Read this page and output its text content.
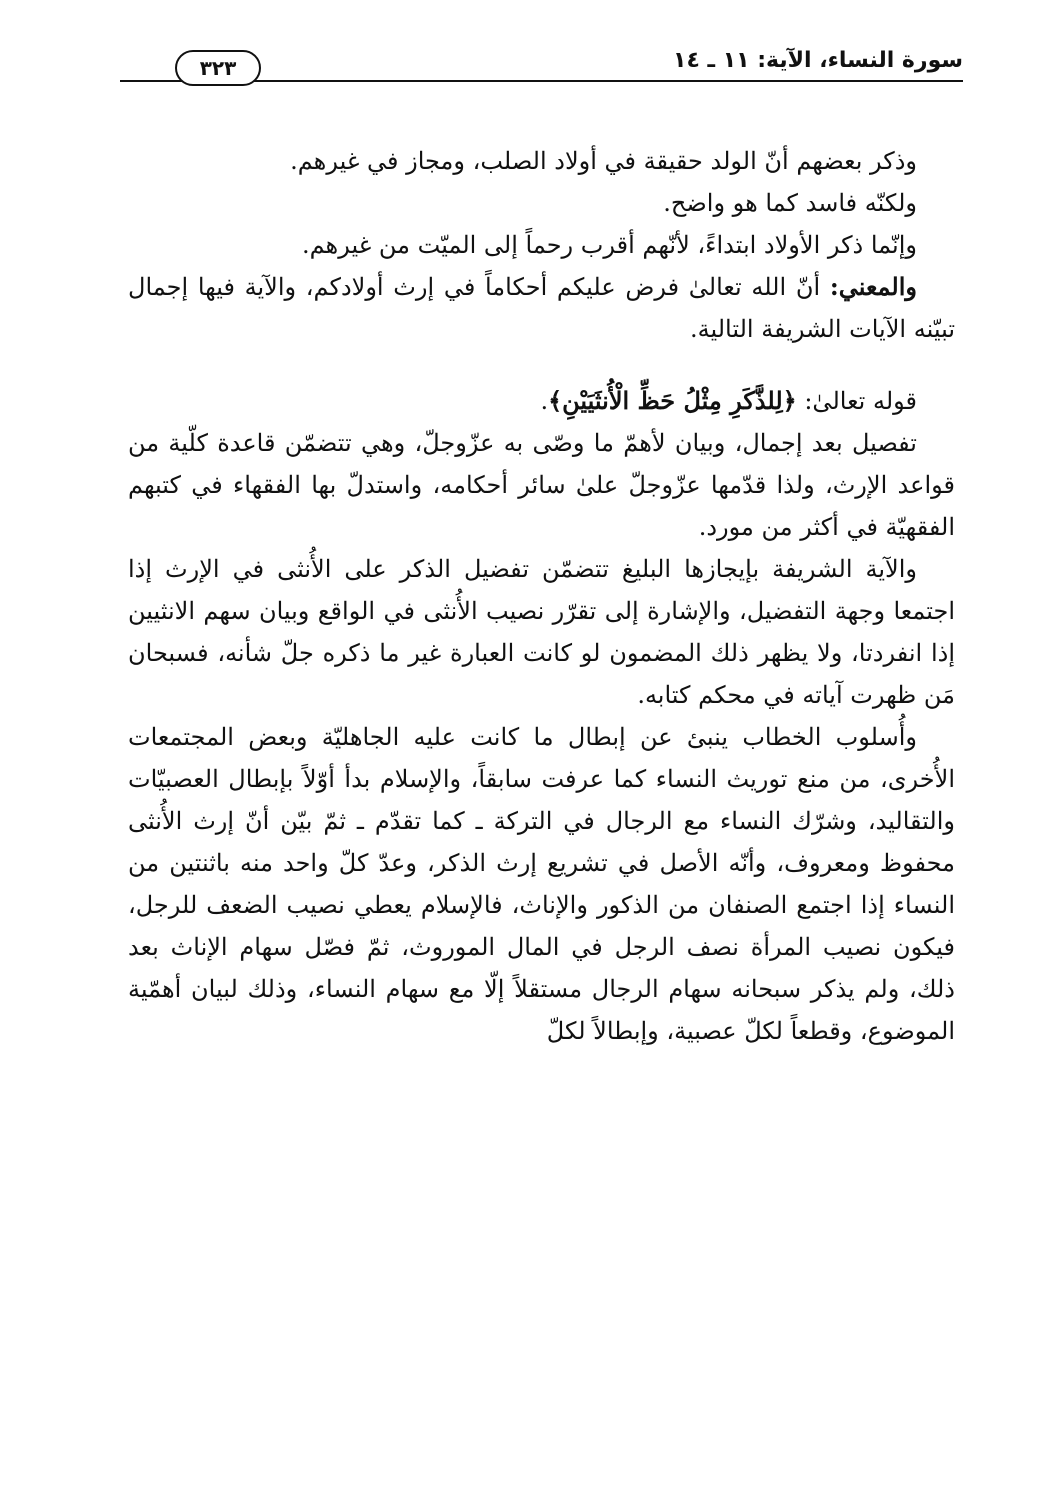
سورة النساء، الآية: ١١ ـ ١٤
٣٢٣

وذكر بعضهم أنّ الولد حقيقة في أولاد الصلب، ومجاز في غيرهم.

ولكنّه فاسد كما هو واضح.

وإنّما ذكر الأولاد ابتداءً، لأنّهم أقرب رحماً إلى الميّت من غيرهم.

والمعني: أنّ الله تعالىٰ فرض عليكم أحكاماً في إرث أولادكم، والآية فيها إجمال تبيّنه الآيات الشريفة التالية.

قوله تعالىٰ: ﴿لِلذَّكَرِ مِثْلُ حَظِّ الْأُنثَيَيْنِ﴾.

تفصيل بعد إجمال، وبيان لأهمّ ما وصّى به عزّوجلّ، وهي تتضمّن قاعدة كلّية من قواعد الإرث، ولذا قدّمها عزّوجلّ علىٰ سائر أحكامه، واستدلّ بها الفقهاء في كتبهم الفقهيّة في أكثر من مورد.

والآية الشريفة بإيجازها البليغ تتضمّن تفضيل الذكر على الأُنثى في الإرث إذا اجتمعا وجهة التفضيل، والإشارة إلى تقرّر نصيب الأُنثى في الواقع وبيان سهم الانثيين إذا انفردتا، ولا يظهر ذلك المضمون لو كانت العبارة غير ما ذكره جلّ شأنه، فسبحان مَن ظهرت آياته في محكم كتابه.

وأُسلوب الخطاب ينبئ عن إبطال ما كانت عليه الجاهليّة وبعض المجتمعات الأُخرى، من منع توريث النساء كما عرفت سابقاً، والإسلام بدأ أوّلاً بإبطال العصبيّات والتقاليد، وشرّك النساء مع الرجال في التركة ـ كما تقدّم ـ ثمّ بيّن أنّ إرث الأُنثى محفوظ ومعروف، وأنّه الأصل في تشريع إرث الذكر، وعدّ كلّ واحد منه باثنتين من النساء إذا اجتمع الصنفان من الذكور والإناث، فالإسلام يعطي نصيب الضعف للرجل، فيكون نصيب المرأة نصف الرجل في المال الموروث، ثمّ فصّل سهام الإناث بعد ذلك، ولم يذكر سبحانه سهام الرجال مستقلاً إلّا مع سهام النساء، وذلك لبيان أهمّية الموضوع، وقطعاً لكلّ عصبية، وإبطالاً لكلّ
